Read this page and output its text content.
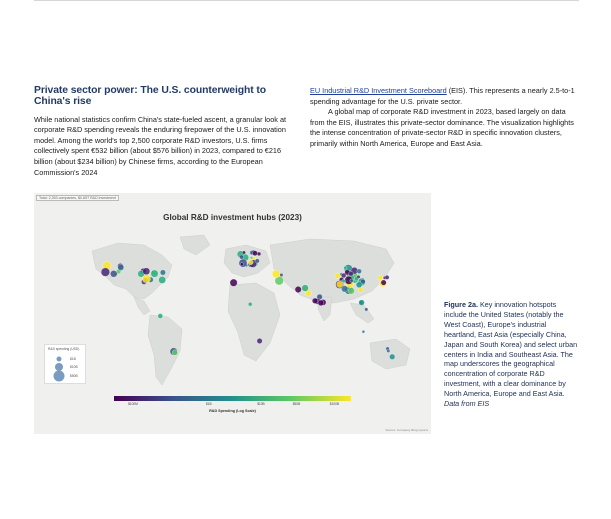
Private sector power: The U.S. counterweight to China's rise

While national statistics confirm China's state-fueled ascent, a granular look at corporate R&D spending reveals the enduring firepower of the U.S. innovation model. Among the world's top 2,500 corporate R&D investors, U.S. firms collectively spent €532 billion (about $576 billion) in 2023, compared to €216 billion (about $234 billion) by Chinese firms, according to the European Commission's 2024

EU Industrial R&D Investment Scoreboard (EIS). This represents a nearly 2.5-to-1 spending advantage for the U.S. private sector.

A global map of corporate R&D investment in 2023, based largely on data from the EIS, illustrates this private-sector dominance. The visualization highlights the intense concentration of private-sector R&D in specific innovation clusters, primarily within North America, Europe and East Asia.

Total: 2,353 companies, $0.85T R&D investment
Global R&D investment hubs (2023)
R&D spending (USD)
$1B
$10B
$50B
$100M	$1B	$10B	$50B	$100B
R&D Spending (Log Scale)
Source: Company filing reports
Figure 2a. Key innovation hotspots include the United States (notably the West Coast), Europe's industrial heartland, East Asia (especially China, Japan and South Korea) and select urban centers in India and Southeast Asia. The map underscores the geographical concentration of corporate R&D investment, with a clear dominance by North America, Europe and East Asia.
Data from EIS
